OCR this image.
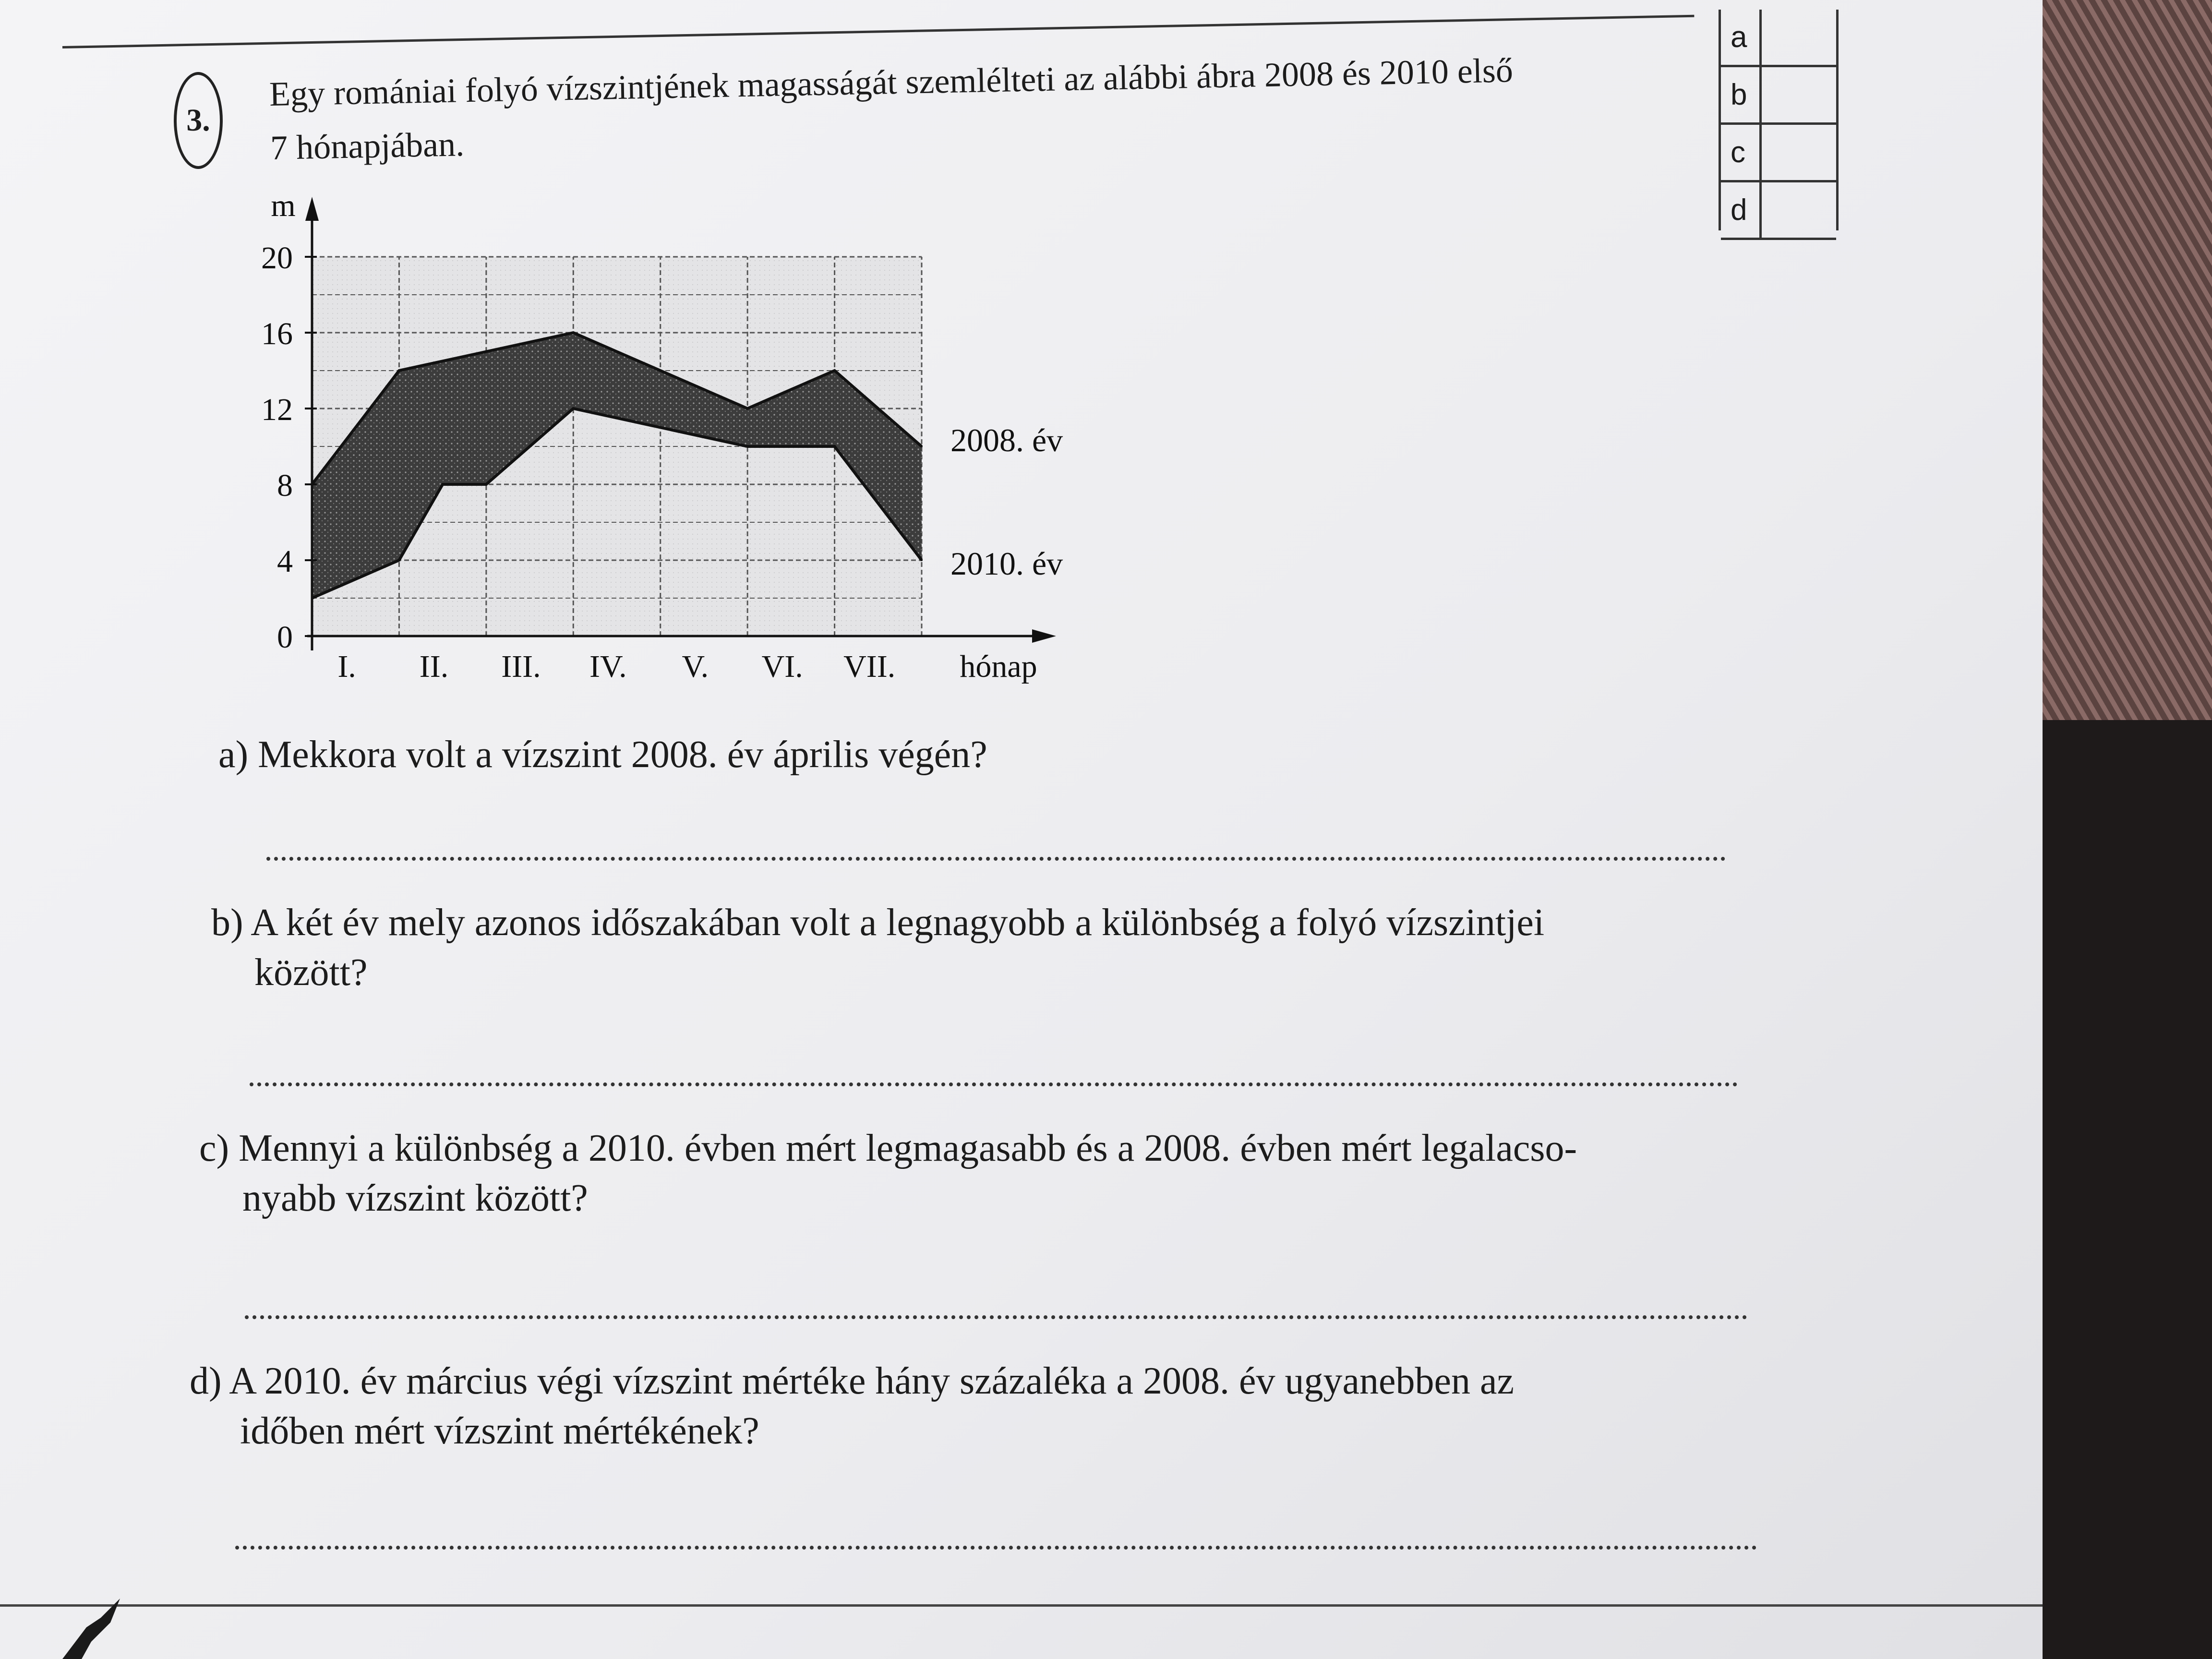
3.
Egy romániai folyó vízszintjének magasságát szemlélteti az alábbi ábra 2008 és 2010 első
7 hónapjában.
a
b
c
d
0
4
8
12
16
20
m
I. II. III. IV. V. VI. VII. hónap
2008. év
2010. év
a) Mekkora volt a vízszint 2008. év április végén?
b) A két év mely azonos időszakában volt a legnagyobb a különbség a folyó vízszintjei
között?
c) Mennyi a különbség a 2010. évben mért legmagasabb és a 2008. évben mért legalacso-
nyabb vízszint között?
d) A 2010. év március végi vízszint mértéke hány százaléka a 2008. év ugyanebben az
időben mért vízszint mértékének?
